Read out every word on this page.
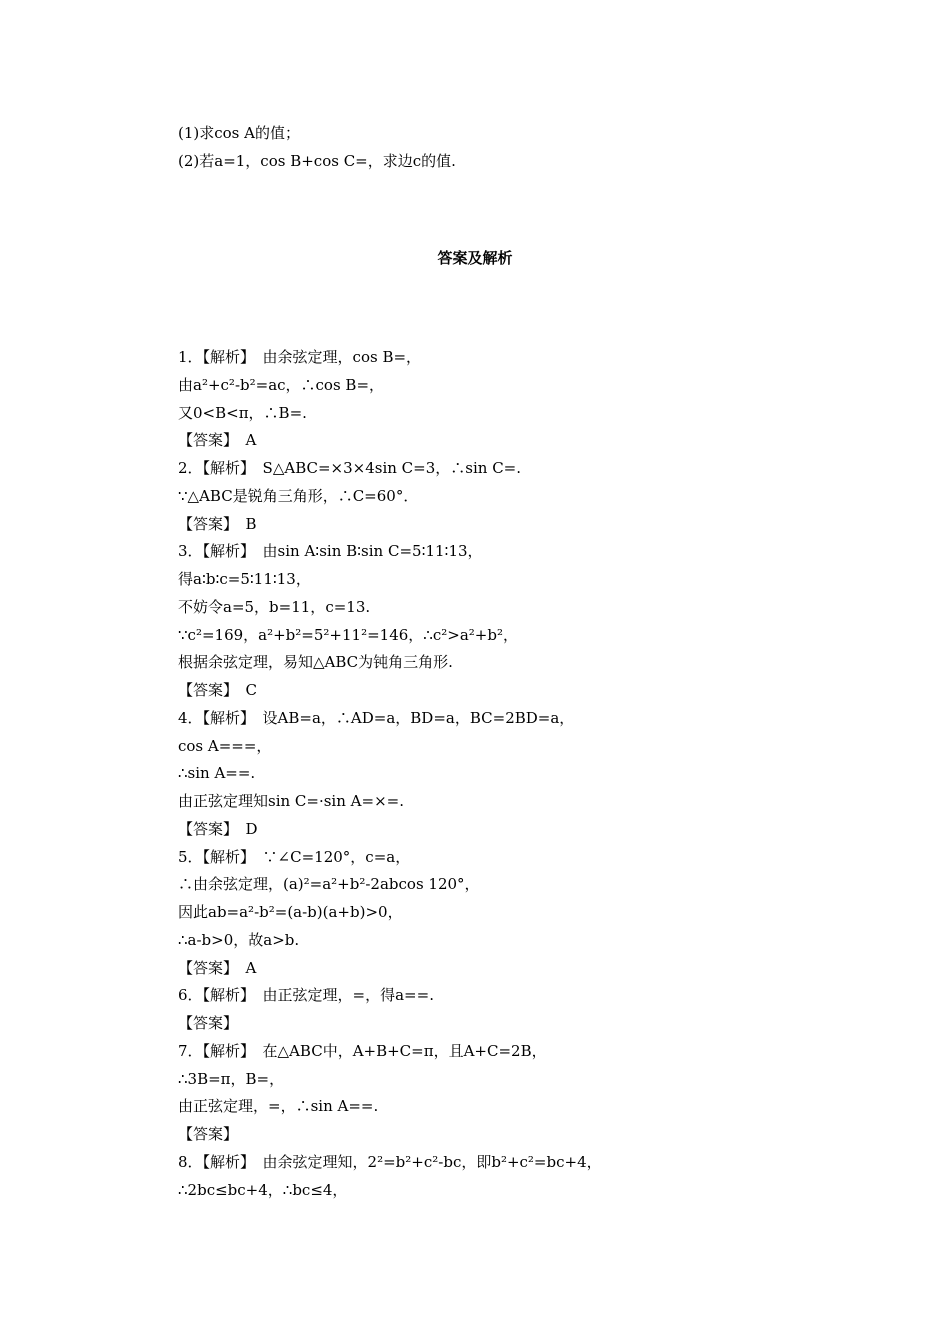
(1)求cos A的值；
(2)若a=1，cos B+cos C=，求边c的值.
答案及解析
1．【解析】　由余弦定理，cos B=，
由a²+c²-b²=ac，∴cos B=，
又0<B<π，∴B=.
【答案】　A
2．【解析】　S△ABC=×3×4sin C=3，∴sin C=.
∵△ABC是锐角三角形，∴C=60°．
【答案】　B
3．【解析】　由sin A∶sin B∶sin C=5∶11∶13，
得a∶b∶c=5∶11∶13，
不妨令a=5，b=11，c=13.
∵c²=169，a²+b²=5²+11²=146，∴c²>a²+b²，
根据余弦定理，易知△ABC为钝角三角形.
【答案】　C
4．【解析】　设AB=a，∴AD=a，BD=a，BC=2BD=a，
cos A===，
∴sin A==.
由正弦定理知sin C=·sin A=×=.
【答案】　D
5．【解析】　∵∠C=120°，c=a，
∴由余弦定理，(a)²=a²+b²-2abcos 120°，
因此ab=a²-b²=(a-b)(a+b)>0，
∴a-b>0，故a>b.
【答案】　A
6．【解析】　由正弦定理，=，得a==.
【答案】
7．【解析】　在△ABC中，A+B+C=π，且A+C=2B，
∴3B=π，B=，
由正弦定理，=，∴sin A==.
【答案】
8．【解析】　由余弦定理知，2²=b²+c²-bc，即b²+c²=bc+4，
∴2bc≤bc+4，∴bc≤4，
